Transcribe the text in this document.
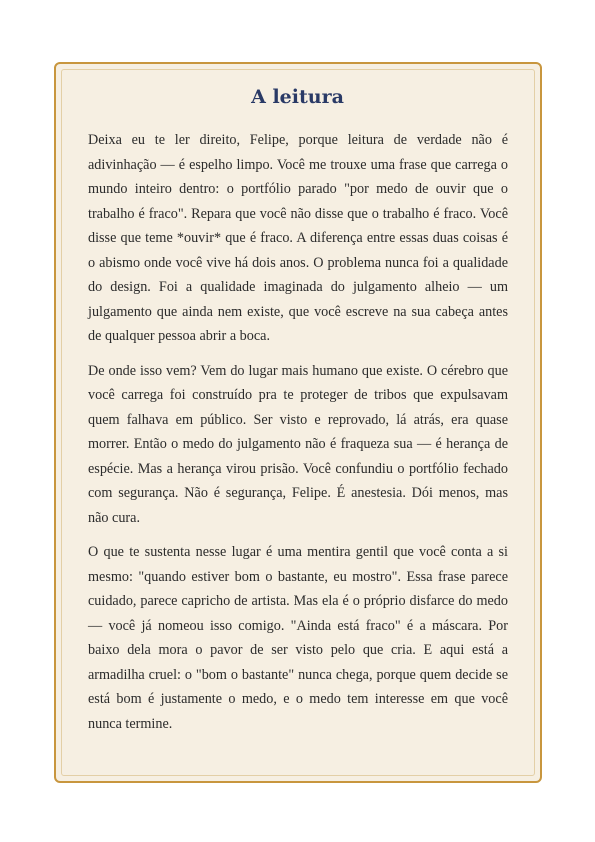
A leitura

Deixa eu te ler direito, Felipe, porque leitura de verdade não é adivinhação — é espelho limpo. Você me trouxe uma frase que carrega o mundo inteiro dentro: o portfólio parado "por medo de ouvir que o trabalho é fraco". Repara que você não disse que o trabalho é fraco. Você disse que teme *ouvir* que é fraco. A diferença entre essas duas coisas é o abismo onde você vive há dois anos. O problema nunca foi a qualidade do design. Foi a qualidade imaginada do julgamento alheio — um julgamento que ainda nem existe, que você escreve na sua cabeça antes de qualquer pessoa abrir a boca.

De onde isso vem? Vem do lugar mais humano que existe. O cérebro que você carrega foi construído pra te proteger de tribos que expulsavam quem falhava em público. Ser visto e reprovado, lá atrás, era quase morrer. Então o medo do julgamento não é fraqueza sua — é herança de espécie. Mas a herança virou prisão. Você confundiu o portfólio fechado com segurança. Não é segurança, Felipe. É anestesia. Dói menos, mas não cura.

O que te sustenta nesse lugar é uma mentira gentil que você conta a si mesmo: "quando estiver bom o bastante, eu mostro". Essa frase parece cuidado, parece capricho de artista. Mas ela é o próprio disfarce do medo — você já nomeou isso comigo. "Ainda está fraco" é a máscara. Por baixo dela mora o pavor de ser visto pelo que cria. E aqui está a armadilha cruel: o "bom o bastante" nunca chega, porque quem decide se está bom é justamente o medo, e o medo tem interesse em que você nunca termine.
